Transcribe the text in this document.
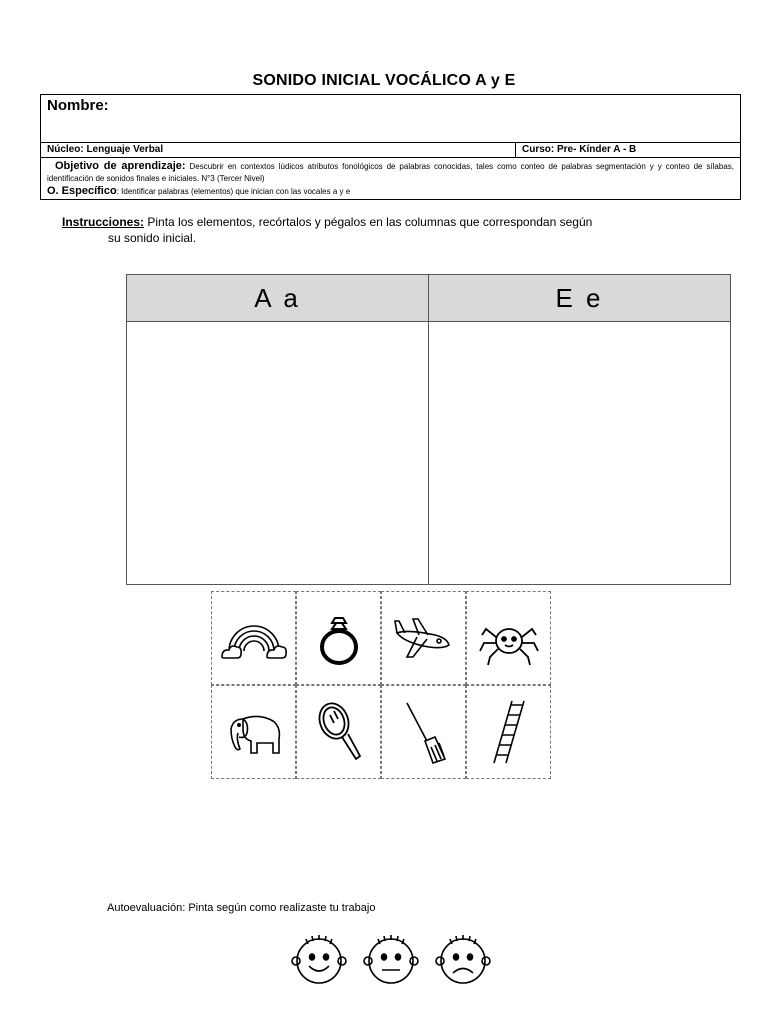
SONIDO INICIAL VOCÁLICO A y E
Nombre:
Núcleo: Lenguaje Verbal	Curso: Pre- Kínder A - B
Objetivo de aprendizaje: Descubrir en contextos lúdicos atributos fonológicos de palabras conocidas, tales como conteo de palabras segmentación y y conteo de sílabas, identificación de sonidos finales e iniciales. N°3 (Tercer Nivel)
O. Específico: Identificar palabras (elementos) que inician con las vocales a y e
Instrucciones: Pinta los elementos, recórtalos y pégalos en las columnas que correspondan según
su sonido inicial.
A a	E e
Autoevaluación: Pinta según como realizaste tu trabajo
